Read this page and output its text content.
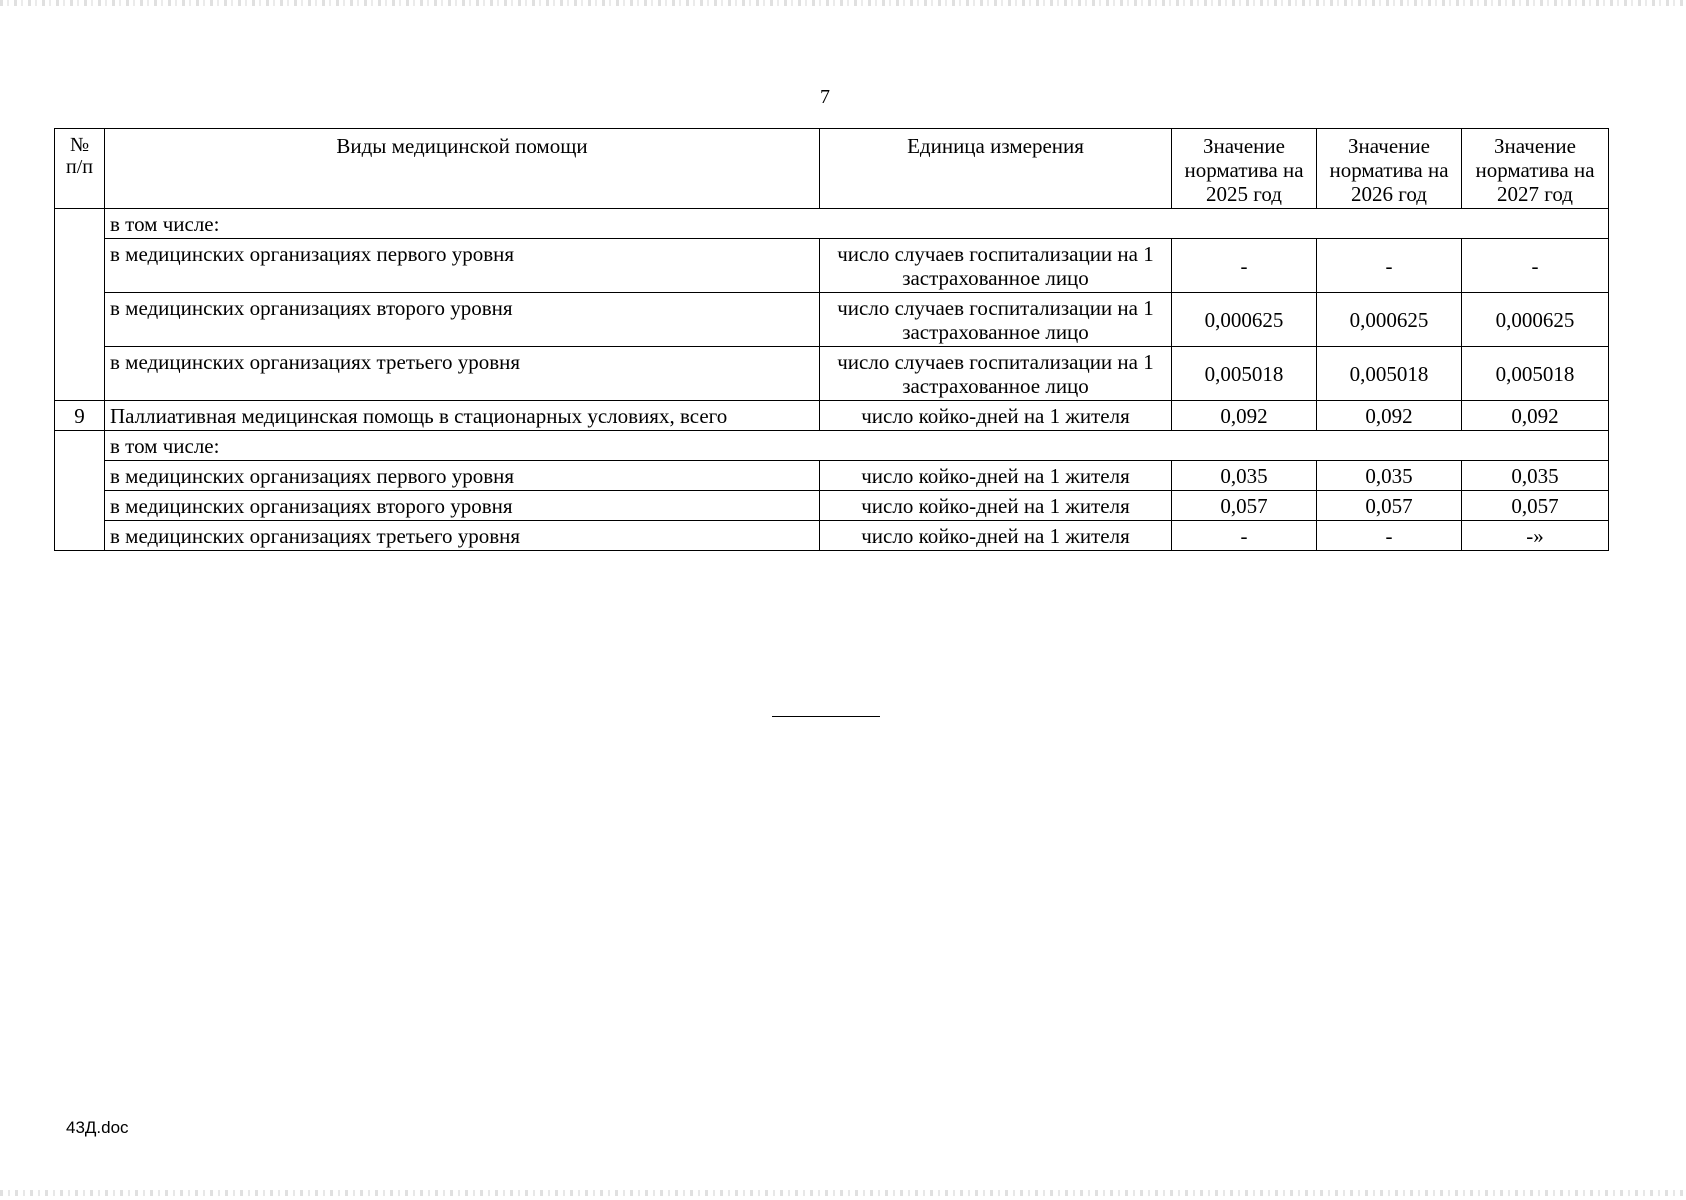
7
№
п/п	Виды медицинской помощи	Единица измерения	Значение норматива на 2025 год	Значение норматива на 2026 год	Значение норматива на 2027 год
	в том числе:				
	в медицинских организациях первого уровня	число случаев госпитализации на 1 застрахованное лицо	-	-	-
	в медицинских организациях второго уровня	число случаев госпитализации на 1 застрахованное лицо	0,000625	0,000625	0,000625
	в медицинских организациях третьего уровня	число случаев госпитализации на 1 застрахованное лицо	0,005018	0,005018	0,005018
9	Паллиативная медицинская помощь в стационарных условиях, всего	число койко-дней на 1 жителя	0,092	0,092	0,092
	в том числе:				
	в медицинских организациях первого уровня	число койко-дней на 1 жителя	0,035	0,035	0,035
	в медицинских организациях второго уровня	число койко-дней на 1 жителя	0,057	0,057	0,057
	в медицинских организациях третьего уровня	число койко-дней на 1 жителя	-	-	-»
43Д.doc
